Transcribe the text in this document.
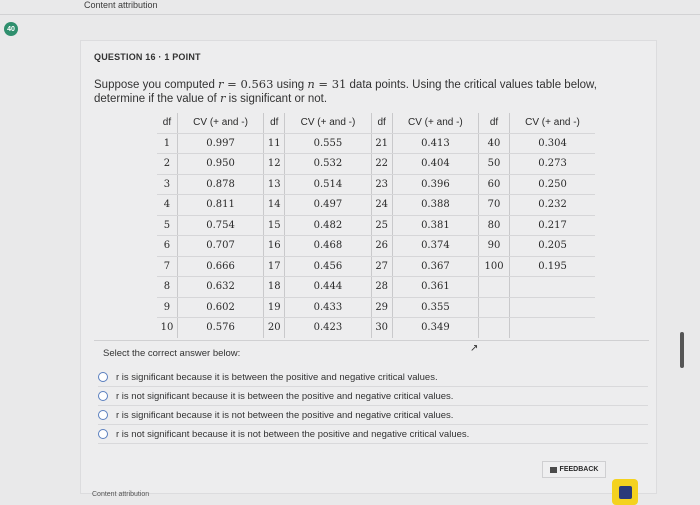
Content attribution
40
QUESTION 16 · 1 POINT
Suppose you computed r = 0.563 using n = 31 data points. Using the critical values table below, determine if the value of r is significant or not.
df	CV (+ and -)	df	CV (+ and -)	df	CV (+ and -)	df	CV (+ and -)
1	0.997	11	0.555	21	0.413	40	0.304
2	0.950	12	0.532	22	0.404	50	0.273
3	0.878	13	0.514	23	0.396	60	0.250
4	0.811	14	0.497	24	0.388	70	0.232
5	0.754	15	0.482	25	0.381	80	0.217
6	0.707	16	0.468	26	0.374	90	0.205
7	0.666	17	0.456	27	0.367	100	0.195
8	0.632	18	0.444	28	0.361		
9	0.602	19	0.433	29	0.355		
10	0.576	20	0.423	30	0.349		
Select the correct answer below:
r is significant because it is between the positive and negative critical values.
r is not significant because it is between the positive and negative critical values.
r is significant because it is not between the positive and negative critical values.
r is not significant because it is not between the positive and negative critical values.
↗
FEEDBACK
Content attribution
